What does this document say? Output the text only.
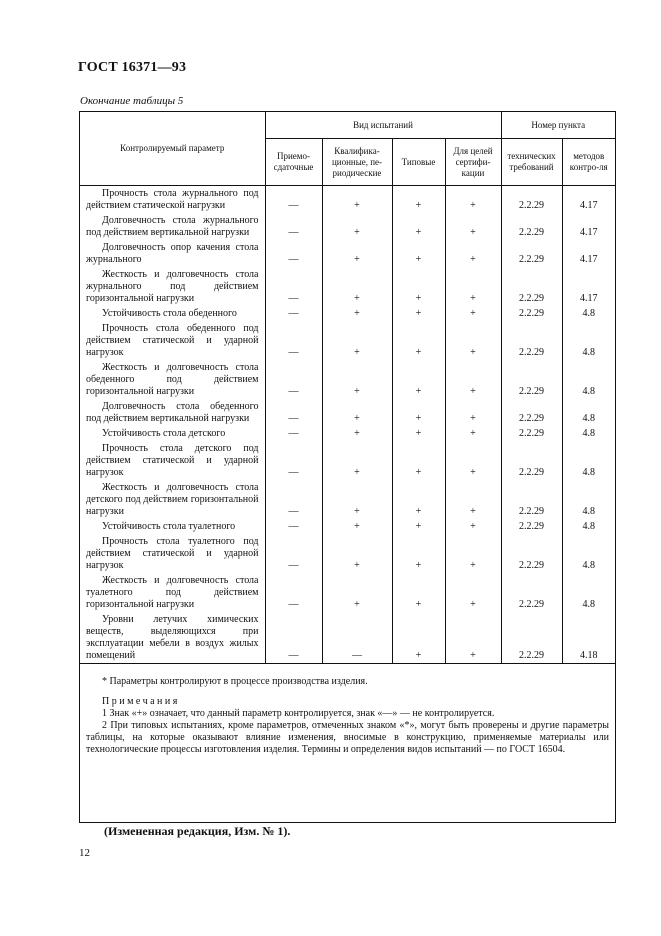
ГОСТ 16371—93
Окончание таблицы 5
Контролируемый параметр	Вид испытаний				Номер пункта	
	Приемо-сдаточные	Квалифика-ционные, пе-риодические	Типовые	Для целей сертифи-кации	технических требований	методов контро-ля
Прочность стола журнального под действием статической нагрузки	—	+	+	+	2.2.29	4.17
Долговечность стола журнального под действием вертикальной нагрузки	—	+	+	+	2.2.29	4.17
Долговечность опор качения стола журнального	—	+	+	+	2.2.29	4.17
Жесткость и долговечность стола журнального под действием горизонтальной нагрузки	—	+	+	+	2.2.29	4.17
Устойчивость стола обеденного	—	+	+	+	2.2.29	4.8
Прочность стола обеденного под действием статической и ударной нагрузок	—	+	+	+	2.2.29	4.8
Жесткость и долговечность стола обеденного под действием горизонтальной нагрузки	—	+	+	+	2.2.29	4.8
Долговечность стола обеденного под действием вертикальной нагрузки	—	+	+	+	2.2.29	4.8
Устойчивость стола детского	—	+	+	+	2.2.29	4.8
Прочность стола детского под действием статической и ударной нагрузок	—	+	+	+	2.2.29	4.8
Жесткость и долговечность стола детского под действием горизонтальной нагрузки	—	+	+	+	2.2.29	4.8
Устойчивость стола туалетного	—	+	+	+	2.2.29	4.8
Прочность стола туалетного под действием статической и ударной нагрузок	—	+	+	+	2.2.29	4.8
Жесткость и долговечность стола туалетного под действием горизонтальной нагрузки	—	+	+	+	2.2.29	4.8
Уровни летучих химических веществ, выделяющихся при эксплуатации мебели в воздух жилых помещений	—	—	+	+	2.2.29	4.18
* Параметры контролируют в процессе производства изделия.
Примечания
1 Знак «+» означает, что данный параметр контролируется, знак «—» — не контролируется.
2 При типовых испытаниях, кроме параметров, отмеченных знаком «*», могут быть проверены и другие параметры таблицы, на которые оказывают влияние изменения, вносимые в конструкцию, применяемые материалы или технологические процессы изготовления изделия. Термины и определения видов испытаний — по ГОСТ 16504.
(Измененная редакция, Изм. № 1).
12
